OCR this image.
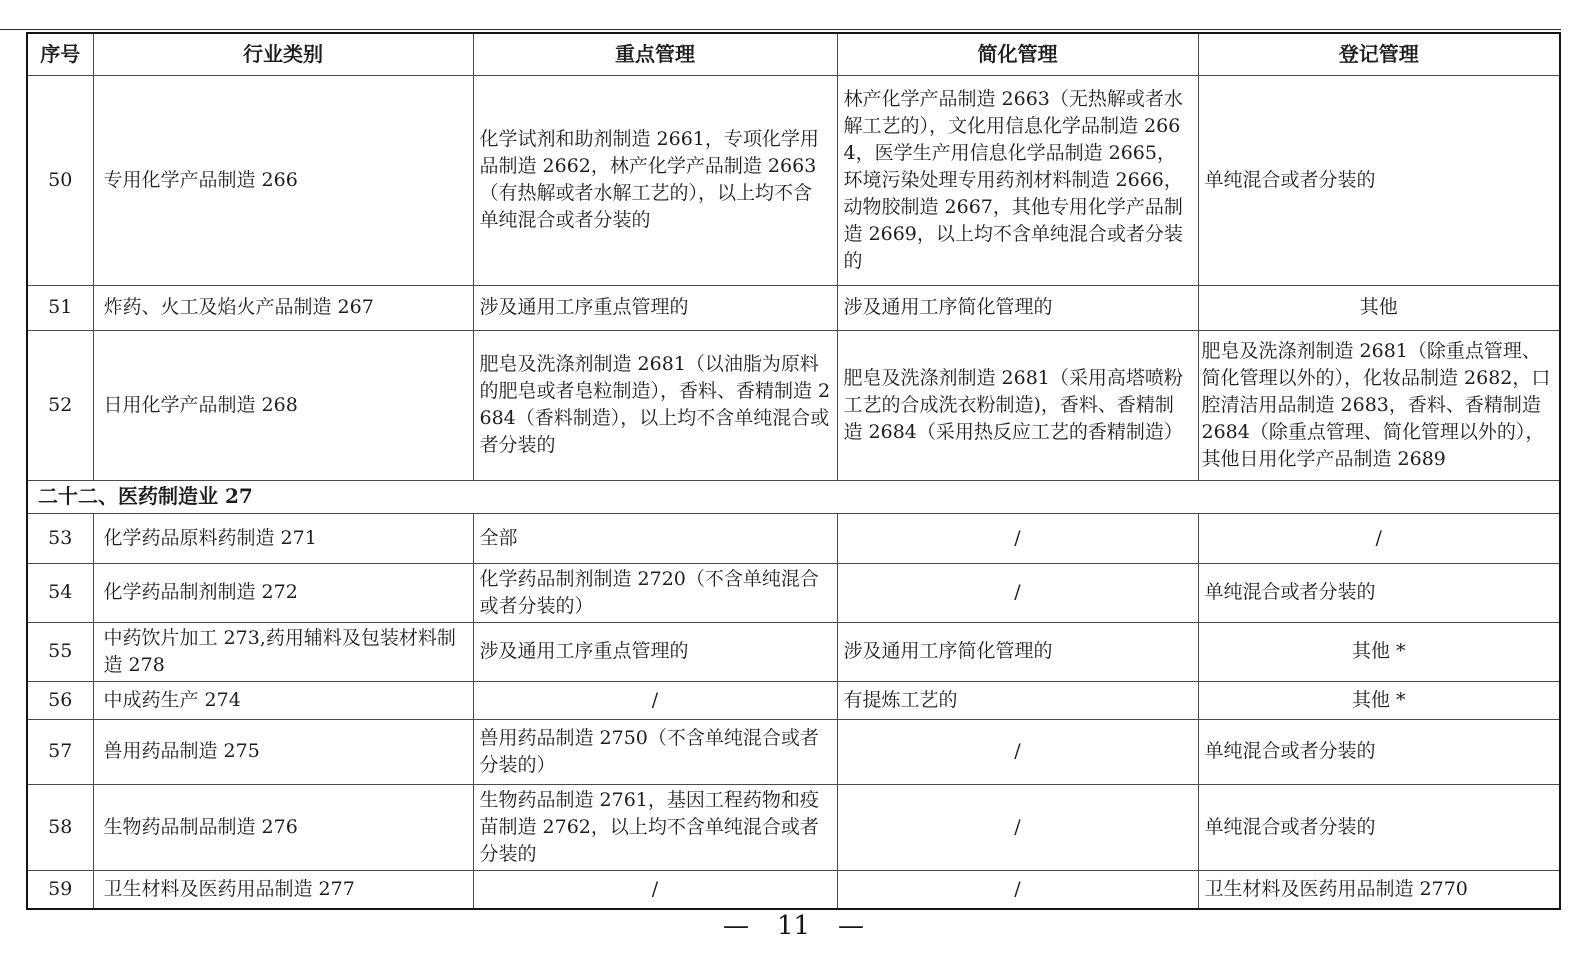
序号	行业类别	重点管理	简化管理	登记管理
50	专用化学产品制造 266	化学试剂和助剂制造 2661，专项化学用品制造 2662，林产化学产品制造 2663（有热解或者水解工艺的），以上均不含单纯混合或者分装的	林产化学产品制造 2663（无热解或者水解工艺的），文化用信息化学品制造 2664，医学生产用信息化学品制造 2665，环境污染处理专用药剂材料制造 2666，动物胶制造 2667，其他专用化学产品制造 2669，以上均不含单纯混合或者分装的	单纯混合或者分装的
51	炸药、火工及焰火产品制造 267	涉及通用工序重点管理的	涉及通用工序简化管理的	其他
52	日用化学产品制造 268	肥皂及洗涤剂制造 2681（以油脂为原料的肥皂或者皂粒制造），香料、香精制造 2684（香料制造），以上均不含单纯混合或者分装的	肥皂及洗涤剂制造 2681（采用高塔喷粉工艺的合成洗衣粉制造)，香料、香精制造 2684（采用热反应工艺的香精制造）	肥皂及洗涤剂制造 2681（除重点管理、简化管理以外的），化妆品制造 2682，口腔清洁用品制造 2683，香料、香精制造 2684（除重点管理、简化管理以外的），其他日用化学产品制造 2689
二十二、医药制造业 27				
53	化学药品原料药制造 271	全部	/	/
54	化学药品制剂制造 272	化学药品制剂制造 2720（不含单纯混合或者分装的）	/	单纯混合或者分装的
55	中药饮片加工 273,药用辅料及包装材料制造 278	涉及通用工序重点管理的	涉及通用工序简化管理的	其他 *
56	中成药生产 274	/	有提炼工艺的	其他 *
57	兽用药品制造 275	兽用药品制造 2750（不含单纯混合或者分装的）	/	单纯混合或者分装的
58	生物药品制品制造 276	生物药品制造 2761，基因工程药物和疫苗制造 2762，以上均不含单纯混合或者分装的	/	单纯混合或者分装的
59	卫生材料及医药用品制造 277	/	/	卫生材料及医药用品制造 2770
— 11 —
